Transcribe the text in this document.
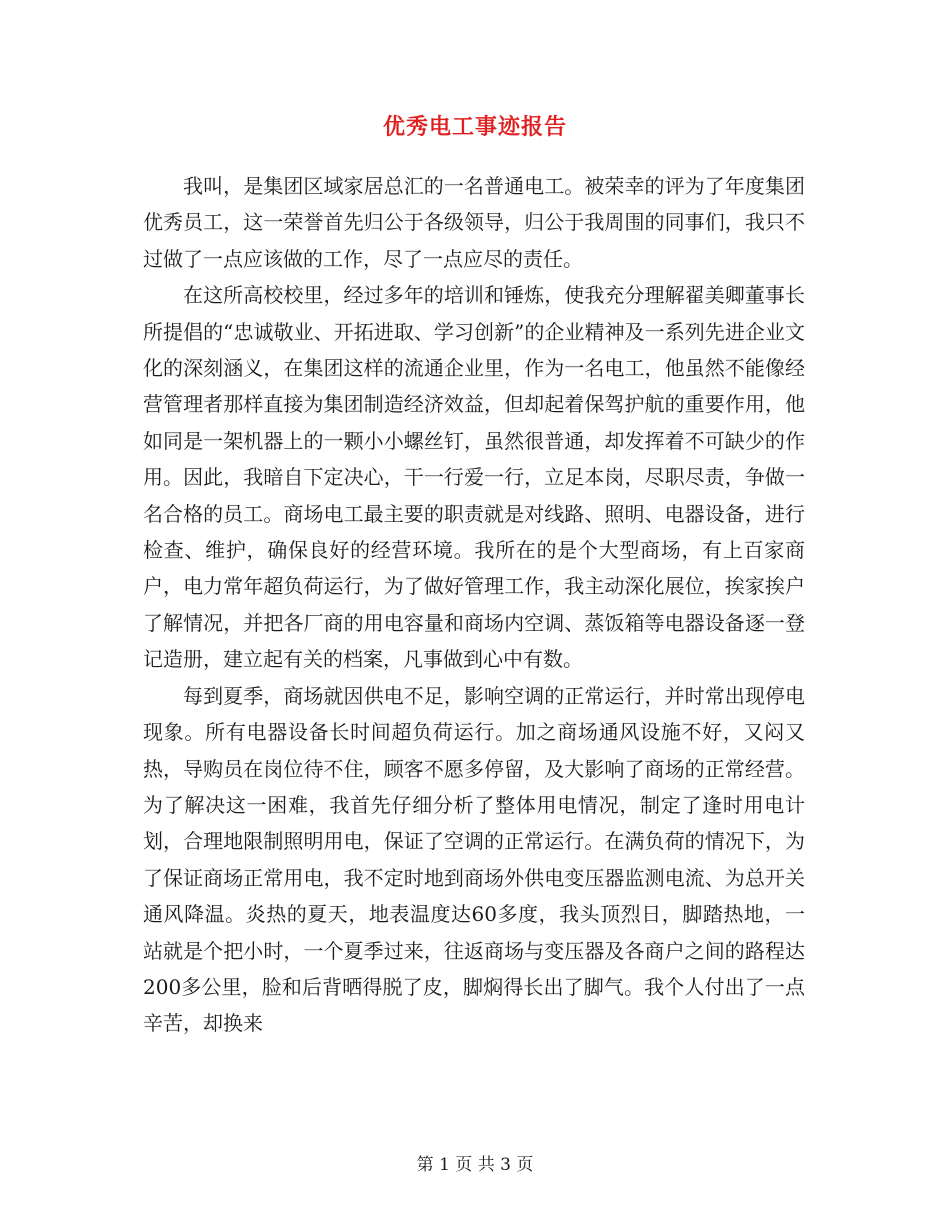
优秀电工事迹报告

我叫，是集团区域家居总汇的一名普通电工。被荣幸的评为了年度集团优秀员工，这一荣誉首先归公于各级领导，归公于我周围的同事们，我只不过做了一点应该做的工作，尽了一点应尽的责任。

在这所高校校里，经过多年的培训和锤炼，使我充分理解翟美卿董事长所提倡的“忠诚敬业、开拓进取、学习创新”的企业精神及一系列先进企业文化的深刻涵义，在集团这样的流通企业里，作为一名电工，他虽然不能像经营管理者那样直接为集团制造经济效益，但却起着保驾护航的重要作用，他如同是一架机器上的一颗小小螺丝钉，虽然很普通，却发挥着不可缺少的作用。因此，我暗自下定决心，干一行爱一行，立足本岗，尽职尽责，争做一名合格的员工。商场电工最主要的职责就是对线路、照明、电器设备，进行检查、维护，确保良好的经营环境。我所在的是个大型商场，有上百家商户，电力常年超负荷运行，为了做好管理工作，我主动深化展位，挨家挨户了解情况，并把各厂商的用电容量和商场内空调、蒸饭箱等电器设备逐一登记造册，建立起有关的档案，凡事做到心中有数。

每到夏季，商场就因供电不足，影响空调的正常运行，并时常出现停电现象。所有电器设备长时间超负荷运行。加之商场通风设施不好，又闷又热，导购员在岗位待不住，顾客不愿多停留，及大影响了商场的正常经营。为了解决这一困难，我首先仔细分析了整体用电情况，制定了逢时用电计划，合理地限制照明用电，保证了空调的正常运行。在满负荷的情况下，为了保证商场正常用电，我不定时地到商场外供电变压器监测电流、为总开关通风降温。炎热的夏天，地表温度达60多度，我头顶烈日，脚踏热地，一站就是个把小时，一个夏季过来，往返商场与变压器及各商户之间的路程达200多公里，脸和后背晒得脱了皮，脚焖得长出了脚气。我个人付出了一点辛苦，却换来

第 1 页 共 3 页
